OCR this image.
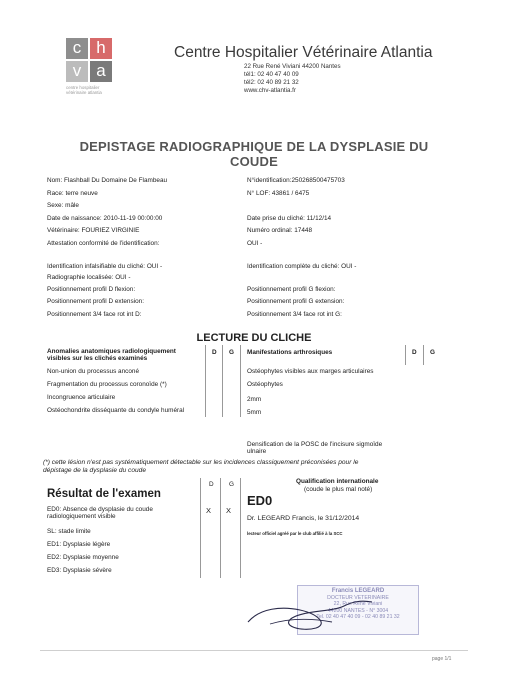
c h
v a
centre hospitalier
vétérinaire atlantia
Centre Hospitalier Vétérinaire Atlantia
22 Rue René Viviani 44200 Nantes
tél1: 02 40 47 40 09
tél2: 02 40 89 21 32
www.chv-atlantia.fr
DEPISTAGE RADIOGRAPHIQUE DE LA DYSPLASIE DU
COUDE
Nom: Flashball Du Domaine De Flambeau
Race: terre neuve
Sexe: mâle
Date de naissance: 2010-11-19 00:00:00
Vétérinaire: FOURIEZ VIRGINIE
Attestation conformité de l'identification:
N°identification:250268500475703
N° LOF: 43861 / 6475
Date prise du cliché: 11/12/14
Numéro ordinal: 17448
OUI -
Identification infalsifiable du cliché: OUI -
Radiographie localisée: OUI -
Positionnement profil D flexion:
Positionnement profil D extension:
Positionnement 3/4 face rot int D:
Identification complète du cliché: OUI -
Positionnement profil G flexion:
Positionnement profil G extension:
Positionnement 3/4 face rot int G:
LECTURE DU CLICHE
Anomalies anatomiques radiologiquement
visibles sur les clichés examinés
D G Manifestations arthrosiques	D G
Non-union du processus anconé
Fragmentation du processus coronoïde (*)
Incongruence articulaire
Ostéochondrite disséquante du condyle huméral
Ostéophytes visibles aux marges articulaires
Ostéophytes
2mm
5mm
Densification de la POSC de l'incisure sigmoïde
ulnaire
(*) cette lésion n'est pas systématiquement détectable sur les incidences classiquement préconisées pour le
dépistage de la dysplasie du coude
Résultat de l'examen
D G	Qualification internationale
(coude le plus mal noté)
ED0: Absence de dysplasie du coude
radiologiquement visible
X X
ED0
Dr. LEGEARD Francis, le 31/12/2014
lecteur officiel agréé par le club affilié à la SCC
SL: stade limite
ED1: Dysplasie légère
ED2: Dysplasie moyenne
ED3: Dysplasie sévère
Francis LEGEARD
DOCTEUR VETERINAIRE
22, Rue René Viviani
44200 NANTES - N° 3004
Tel. 02 40 47 40 09 - 02 40 89 21 32
page 1/1
